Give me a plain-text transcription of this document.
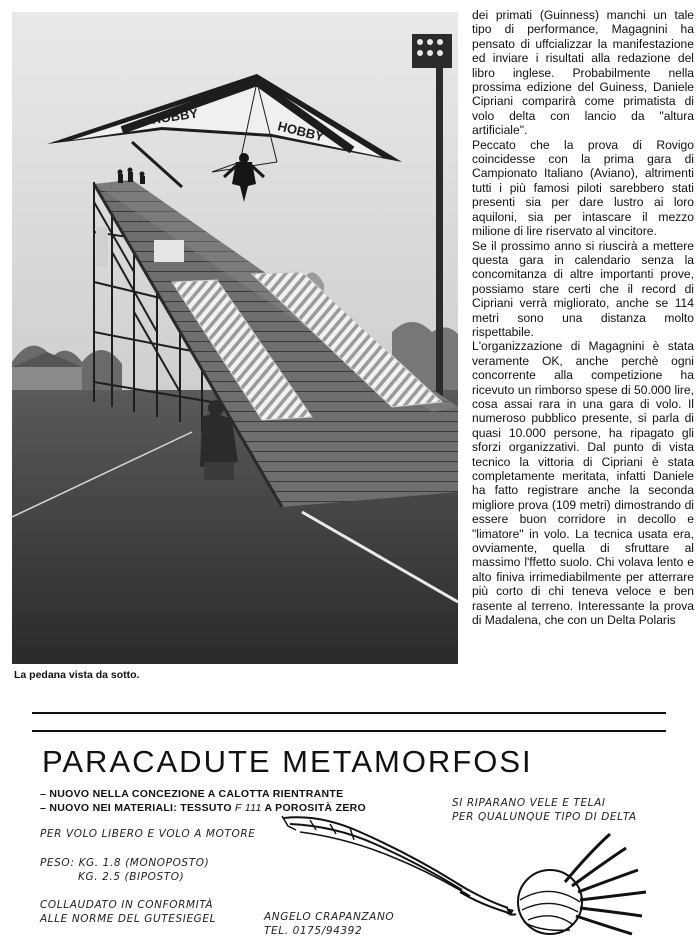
HOBBY
HOBBY
La pedana vista da sotto.

dei primati (Guinness) manchi un tale tipo di performance, Magagnini ha pensato di uffcializzar la manifestazione ed inviare i risultati alla redazione del libro inglese. Probabilmente nella prossima edizione del Guiness, Daniele Cipriani comparirà come primatista di volo delta con lancio da "altura artificiale".

Peccato che la prova di Rovigo coincidesse con la prima gara di Campionato Italiano (Aviano), altrimenti tutti i più famosi piloti sarebbero stati presenti sia per dare lustro ai loro aquiloni, sia per intascare il mezzo milione di lire riservato al vincitore.

Se il prossimo anno si riuscirà a mettere questa gara in calendario senza la concomitanza di altre importanti prove, possiamo stare certi che il record di Cipriani verrà migliorato, anche se 114 metri sono una distanza molto rispettabile.

L'organizzazione di Magagnini è stata veramente OK, anche perchè ogni concorrente alla competizione ha ricevuto un rimborso spese di 50.000 lire, cosa assai rara in una gara di volo. Il numeroso pubblico presente, si parla di quasi 10.000 persone, ha ripagato gli sforzi organizzativi. Dal punto di vista tecnico la vittoria di Cipriani è stata completamente meritata, infatti Daniele ha fatto registrare anche la seconda migliore prova (109 metri) dimostrando di essere buon corridore in decollo e "limatore" in volo. La tecnica usata era, ovviamente, quella di sfruttare al massimo l'ffetto suolo. Chi volava lento e alto finiva irrimediabilmente per atterrare più corto di chi teneva veloce e ben rasente al terreno. Interessante la prova di Madalena, che con un Delta Polaris

PARACADUTE METAMORFOSI
– NUOVO NELLA CONCEZIONE A CALOTTA RIENTRANTE
– NUOVO NEI MATERIALI: TESSUTO F 111 A POROSITÀ ZERO
PER VOLO LIBERO E VOLO A MOTORE
PESO: KG. 1.8 (MONOPOSTO)
KG. 2.5 (BIPOSTO)
COLLAUDATO IN CONFORMITÀ
ALLE NORME DEL GUTESIEGEL
SI RIPARANO VELE E TELAI
PER QUALUNQUE TIPO DI DELTA
ANGELO CRAPANZANO
TEL. 0175/94392
